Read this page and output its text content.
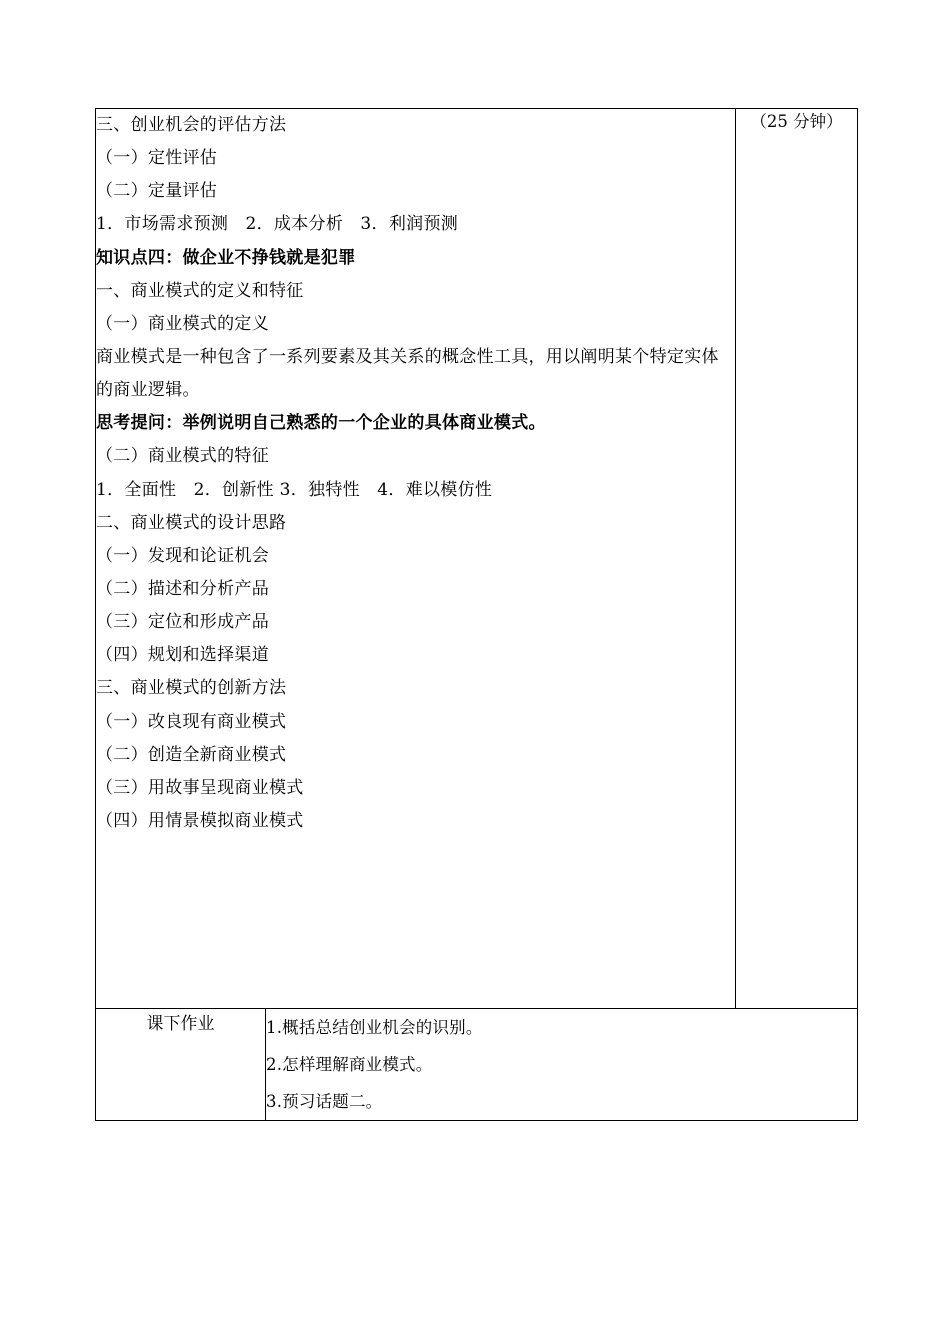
三、创业机会的评估方法
（一）定性评估
（二）定量评估
1．市场需求预测　2．成本分析　3．利润预测
知识点四：做企业不挣钱就是犯罪
一、商业模式的定义和特征
（一）商业模式的定义
商业模式是一种包含了一系列要素及其关系的概念性工具，用以阐明某个特定实体的商业逻辑。
思考提问：举例说明自己熟悉的一个企业的具体商业模式。
（二）商业模式的特征
1．全面性　2．创新性 3．独特性　4．难以模仿性
二、商业模式的设计思路
（一）发现和论证机会
（二）描述和分析产品
（三）定位和形成产品
（四）规划和选择渠道
三、商业模式的创新方法
（一）改良现有商业模式
（二）创造全新商业模式
（三）用故事呈现商业模式
（四）用情景模拟商业模式
	（25 分钟）
课下作业	1.概括总结创业机会的识别。
2.怎样理解商业模式。
3.预习话题二。	
